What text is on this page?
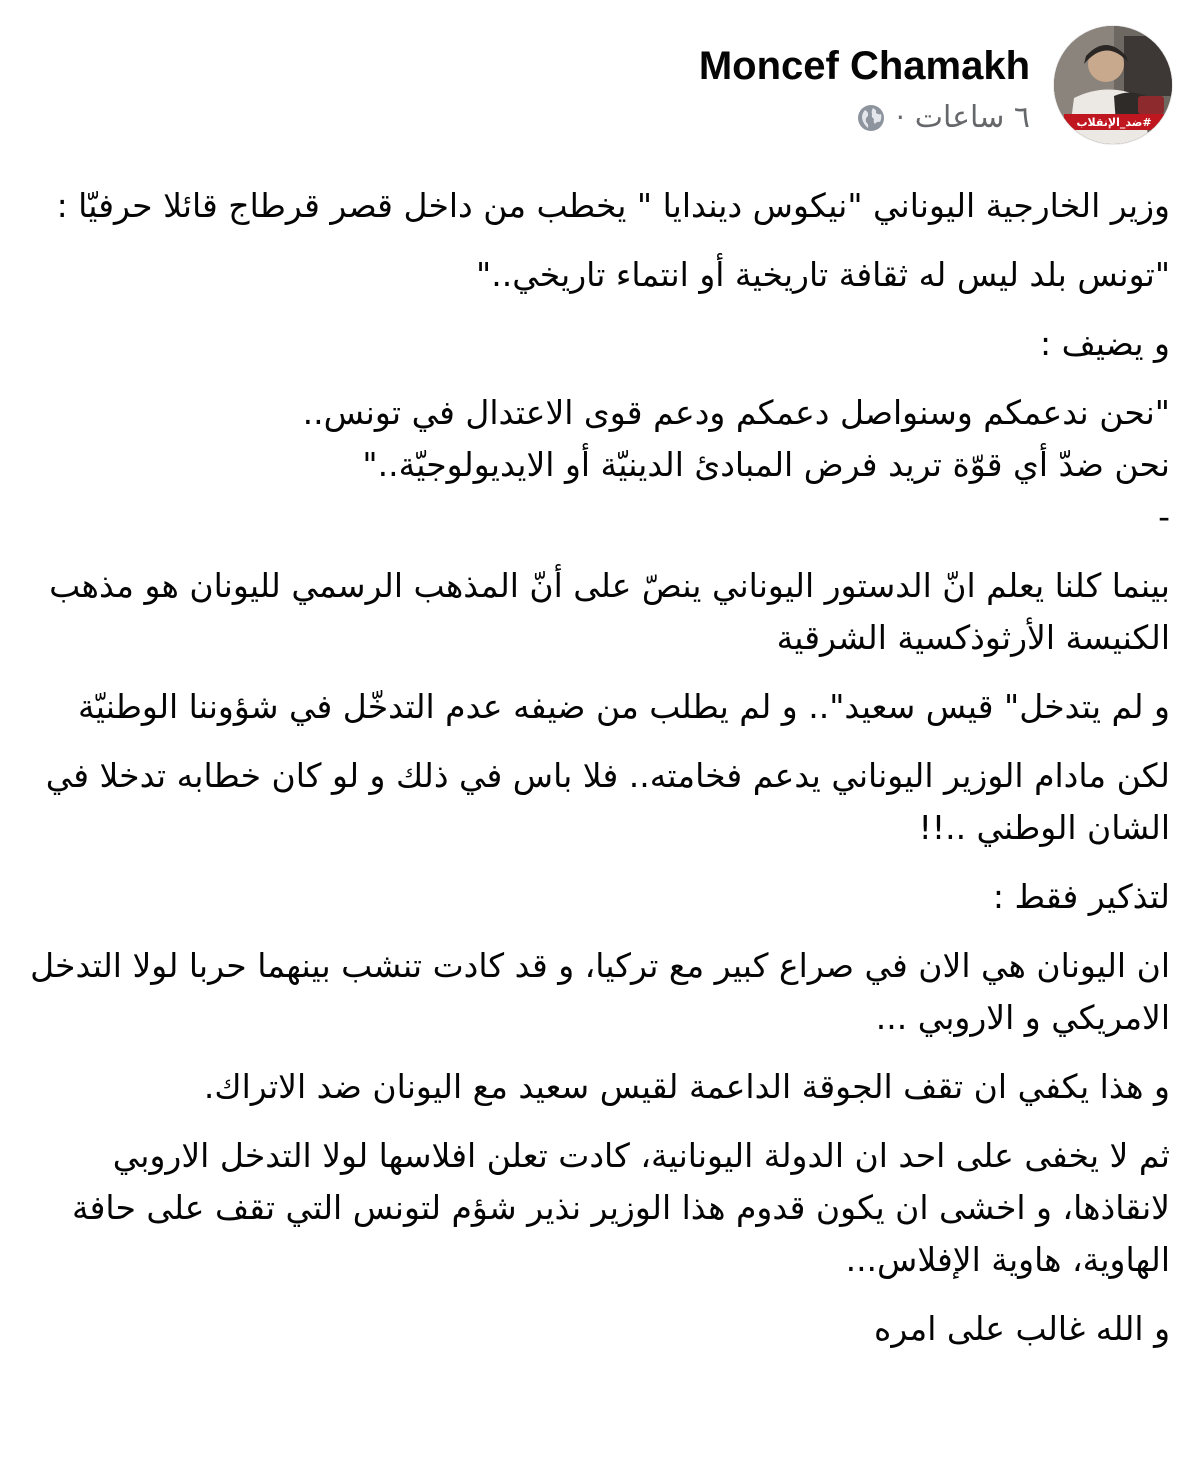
#ضد_الإنقلاب
Moncef Chamakh
٦ ساعات
·

وزير الخارجية اليوناني "نيكوس ديندايا " يخطب من داخل قصر قرطاج قائلا حرفيّا :

"تونس بلد ليس له ثقافة تاريخية أو انتماء تاريخي.."

و يضيف :

"نحن ندعمكم وسنواصل دعمكم ودعم قوى الاعتدال في تونس..
نحن ضدّ أي قوّة تريد فرض المبادئ الدينيّة أو الايديولوجيّة.."
-

بينما كلنا يعلم انّ الدستور اليوناني ينصّ على أنّ المذهب الرسمي لليونان هو مذهب الكنيسة الأرثوذكسية الشرقية

و لم يتدخل" قيس سعيد".. و لم يطلب من ضيفه عدم التدخّل في شؤوننا الوطنيّة

لكن مادام الوزير اليوناني يدعم فخامته.. فلا باس في ذلك و لو كان خطابه تدخلا في الشان الوطني ..!!

لتذكير فقط :

ان اليونان هي الان في صراع كبير مع تركيا، و قد كادت تنشب بينهما حربا لولا التدخل الامريكي و الاروبي ...

و هذا يكفي ان تقف الجوقة الداعمة لقيس سعيد مع اليونان ضد الاتراك.

ثم لا يخفى على احد ان الدولة اليونانية، كادت تعلن افلاسها لولا التدخل الاروبي لانقاذها، و اخشى ان يكون قدوم هذا الوزير نذير شؤم لتونس التي تقف على حافة الهاوية، هاوية الإفلاس...

و الله غالب على امره
